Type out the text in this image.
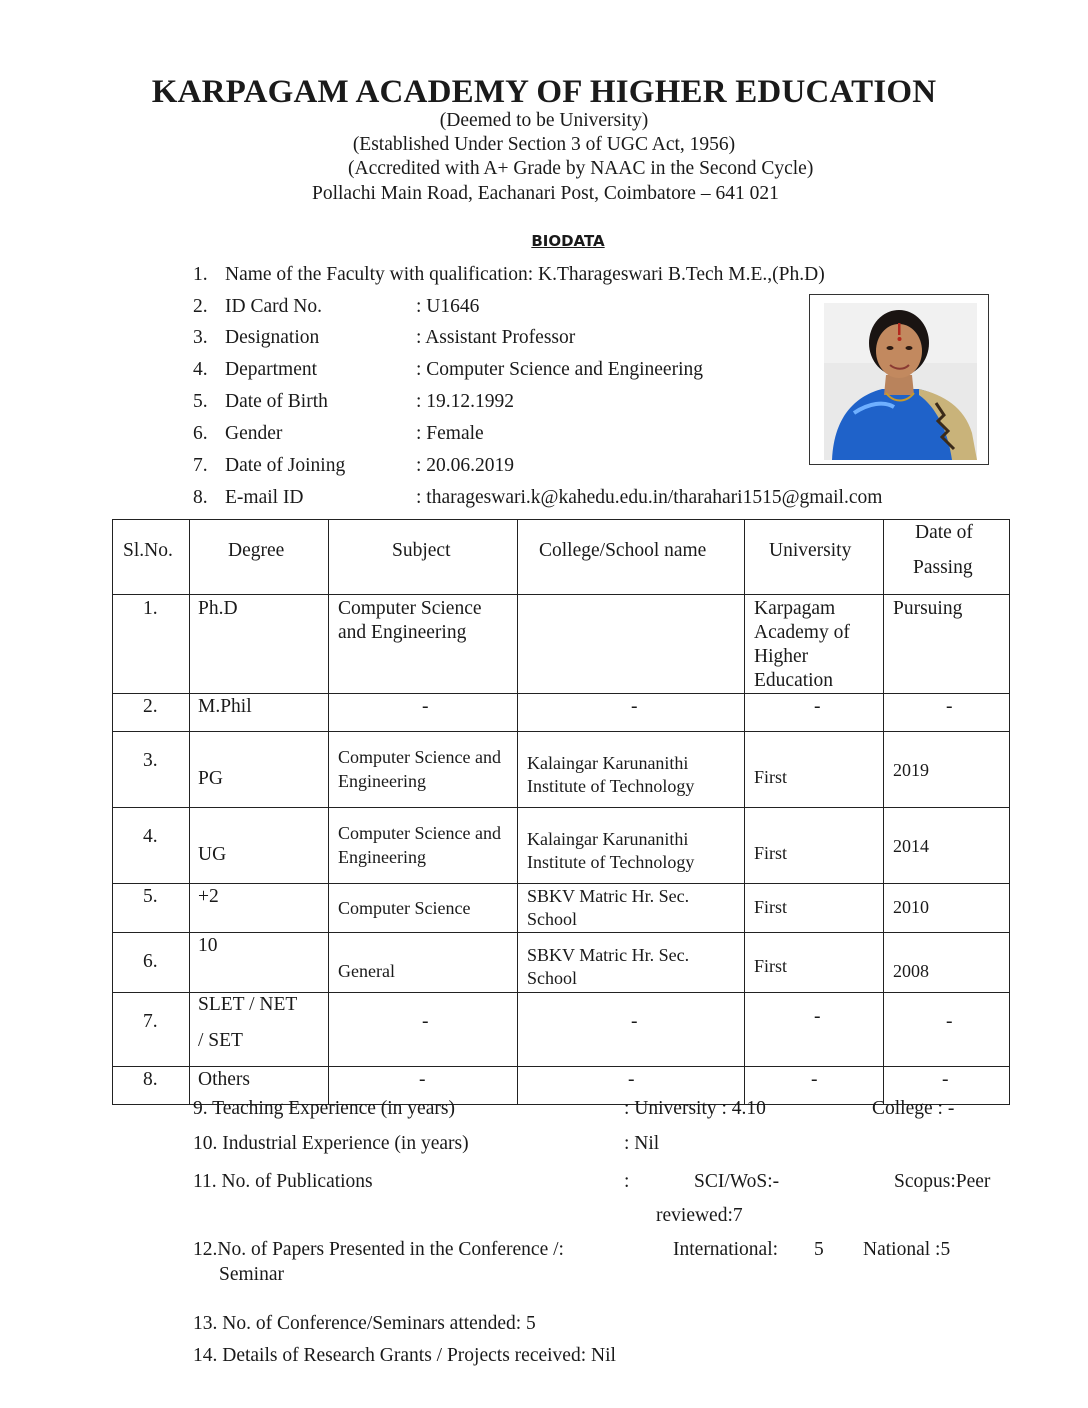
KARPAGAM ACADEMY OF HIGHER EDUCATION
(Deemed to be University)
(Established Under Section 3 of UGC Act, 1956)
(Accredited with A+ Grade by NAAC in the Second Cycle)
Pollachi Main Road, Eachanari Post, Coimbatore – 641 021
BIODATA
1. Name of the Faculty with qualification: K.Tharageswari B.Tech M.E.,(Ph.D)
2. ID Card No.	: U1646
3. Designation	: Assistant Professor
4. Department	: Computer Science and Engineering
5. Date of Birth	: 19.12.1992
6. Gender	: Female
7. Date of Joining	: 20.06.2019
8. E-mail ID	: tharageswari.k@kahedu.edu.in/tharahari1515@gmail.com
Sl.No.	Degree	Subject	College/School name	University	Date of
Passing

1.	Ph.D	Computer Science
and Engineering		Karpagam
Academy of
Higher
Education	Pursuing

2.	M.Phil	-	-	-	-

3.	PG	Computer Science and
Engineering	Kalaingar Karunanithi
Institute of Technology	First	2019

4.	UG	Computer Science and
Engineering	Kalaingar Karunanithi
Institute of Technology	First	2014

5.	+2	Computer Science	SBKV Matric Hr. Sec.
School	First	2010

6.	10	General	SBKV Matric Hr. Sec.
School	First	2008

7.	SLET / NET
/ SET	-	-	-	-

8.	Others	-	-	-	-
9. Teaching Experience (in years)	: University : 4.10	College : -
10. Industrial Experience (in years)	: Nil
11. No. of Publications	:	SCI/WoS:-	Scopus:Peer
reviewed:7
12.No. of Papers Presented in the Conference /:
Seminar
International: 5 National :5
13. No. of Conference/Seminars attended: 5
14. Details of Research Grants / Projects received: Nil
